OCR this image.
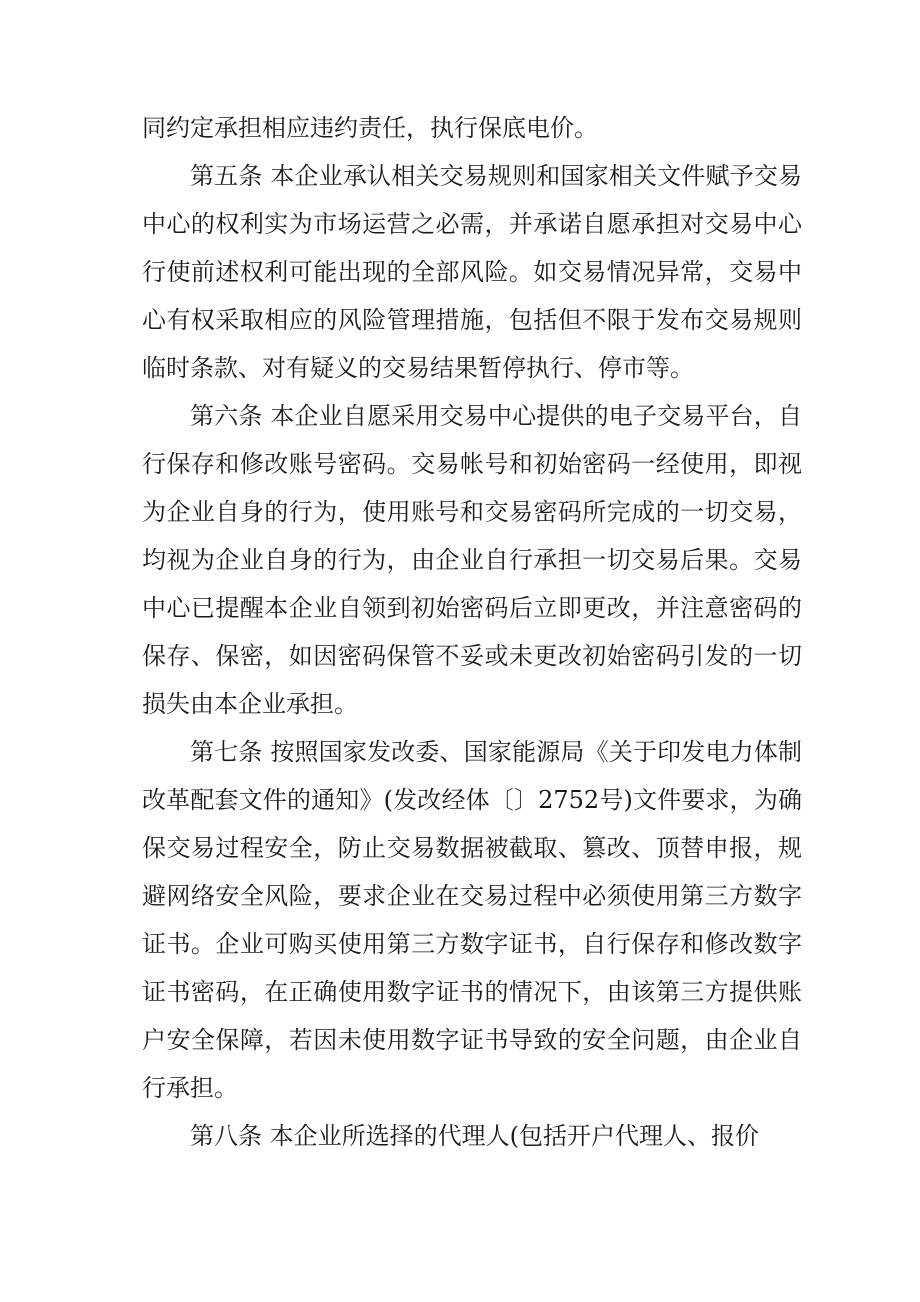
同约定承担相应违约责任，执行保底电价。

第五条 本企业承认相关交易规则和国家相关文件赋予交易中心的权利实为市场运营之必需，并承诺自愿承担对交易中心行使前述权利可能出现的全部风险。如交易情况异常，交易中心有权采取相应的风险管理措施，包括但不限于发布交易规则临时条款、对有疑义的交易结果暂停执行、停市等。

第六条 本企业自愿采用交易中心提供的电子交易平台，自行保存和修改账号密码。交易帐号和初始密码一经使用，即视为企业自身的行为，使用账号和交易密码所完成的一切交易，均视为企业自身的行为，由企业自行承担一切交易后果。交易中心已提醒本企业自领到初始密码后立即更改，并注意密码的保存、保密，如因密码保管不妥或未更改初始密码引发的一切损失由本企业承担。

第七条 按照国家发改委、国家能源局《关于印发电力体制改革配套文件的通知》(发改经体〔〕2752号)文件要求，为确保交易过程安全，防止交易数据被截取、篡改、顶替申报，规避网络安全风险，要求企业在交易过程中必须使用第三方数字证书。企业可购买使用第三方数字证书，自行保存和修改数字证书密码，在正确使用数字证书的情况下，由该第三方提供账户安全保障，若因未使用数字证书导致的安全问题，由企业自行承担。

第八条 本企业所选择的代理人(包括开户代理人、报价
